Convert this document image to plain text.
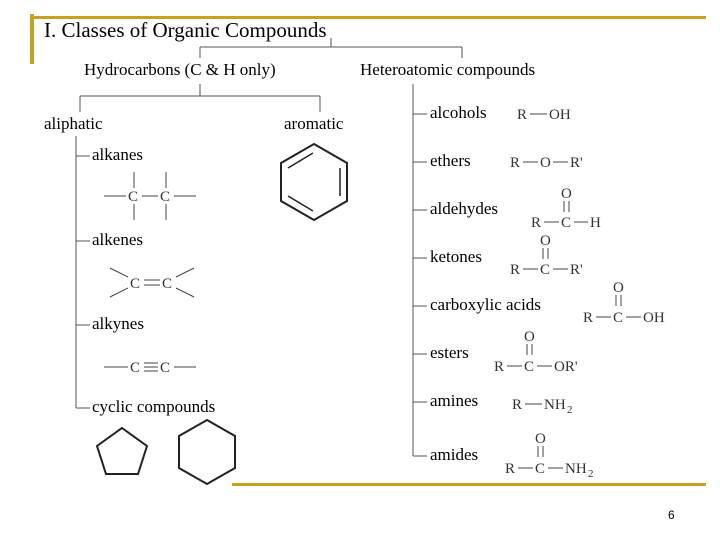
I. Classes of Organic Compounds
Hydrocarbons (C & H only)	Heteroatomic compounds
aliphatic	aromatic
alkanes
alkenes
alkynes
cyclic compounds
alcohols
ethers
aldehydes
ketones
carboxylic acids
esters
amines
amides
6
C C
C C
C C
R OH
R O R'
O
R C H
O
R C R'
O
R C OH
O
R C OR'
R NH 2
O
R C NH 2
